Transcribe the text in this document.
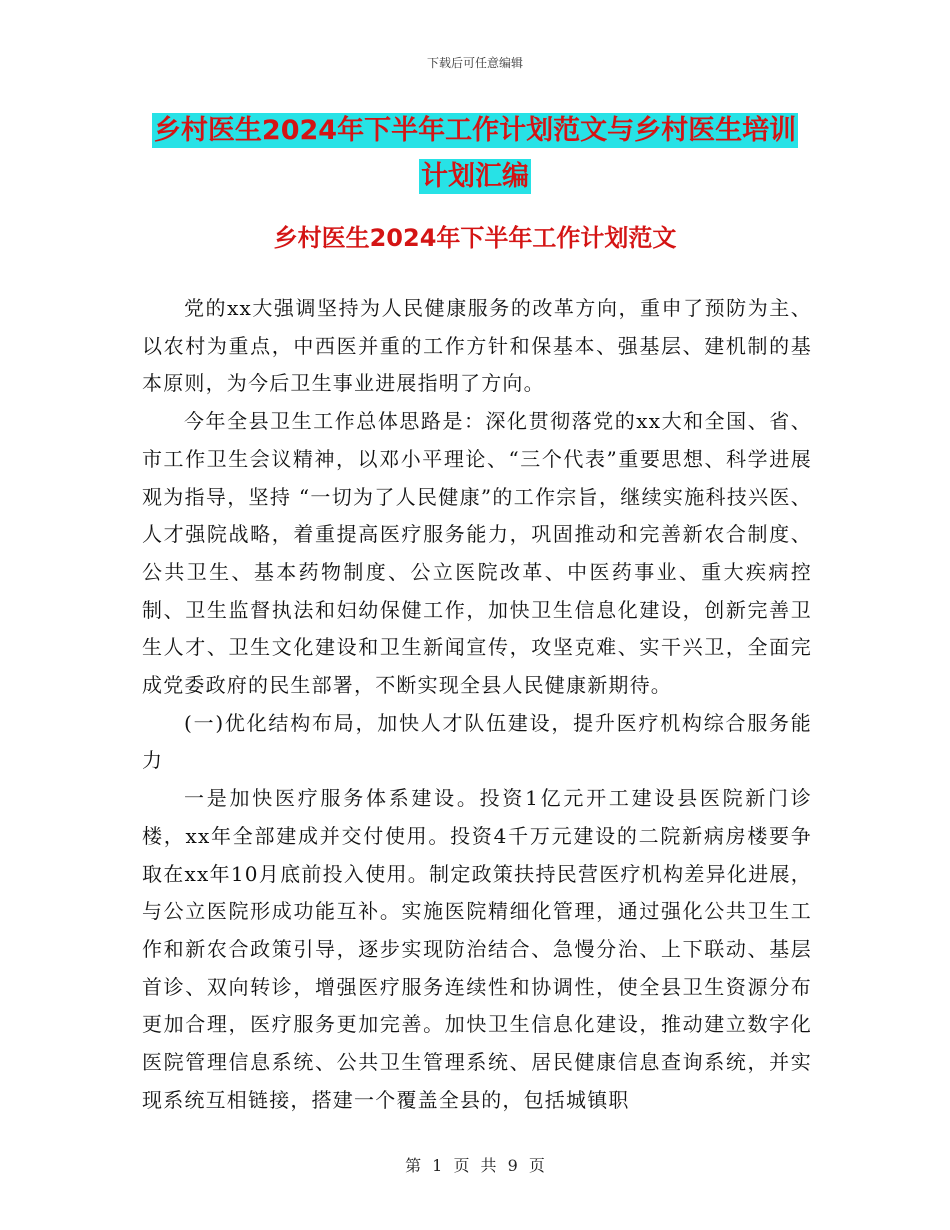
下载后可任意编辑
乡村医生2024年下半年工作计划范文与乡村医生培训
计划汇编
乡村医生2024年下半年工作计划范文

党的xx大强调坚持为人民健康服务的改革方向，重申了预防为主、以农村为重点，中西医并重的工作方针和保基本、强基层、建机制的基本原则，为今后卫生事业进展指明了方向。

今年全县卫生工作总体思路是：深化贯彻落党的xx大和全国、省、市工作卫生会议精神，以邓小平理论、“三个代表”重要思想、科学进展观为指导，坚持 “一切为了人民健康”的工作宗旨，继续实施科技兴医、人才强院战略，着重提高医疗服务能力，巩固推动和完善新农合制度、公共卫生、基本药物制度、公立医院改革、中医药事业、重大疾病控制、卫生监督执法和妇幼保健工作，加快卫生信息化建设，创新完善卫生人才、卫生文化建设和卫生新闻宣传，攻坚克难、实干兴卫，全面完成党委政府的民生部署，不断实现全县人民健康新期待。

(一)优化结构布局，加快人才队伍建设，提升医疗机构综合服务能力

一是加快医疗服务体系建设。投资1亿元开工建设县医院新门诊楼，xx年全部建成并交付使用。投资4千万元建设的二院新病房楼要争取在xx年10月底前投入使用。制定政策扶持民营医疗机构差异化进展，与公立医院形成功能互补。实施医院精细化管理，通过强化公共卫生工作和新农合政策引导，逐步实现防治结合、急慢分治、上下联动、基层首诊、双向转诊，增强医疗服务连续性和协调性，使全县卫生资源分布更加合理，医疗服务更加完善。加快卫生信息化建设，推动建立数字化医院管理信息系统、公共卫生管理系统、居民健康信息查询系统，并实现系统互相链接，搭建一个覆盖全县的，包括城镇职

第 1 页 共 9 页
